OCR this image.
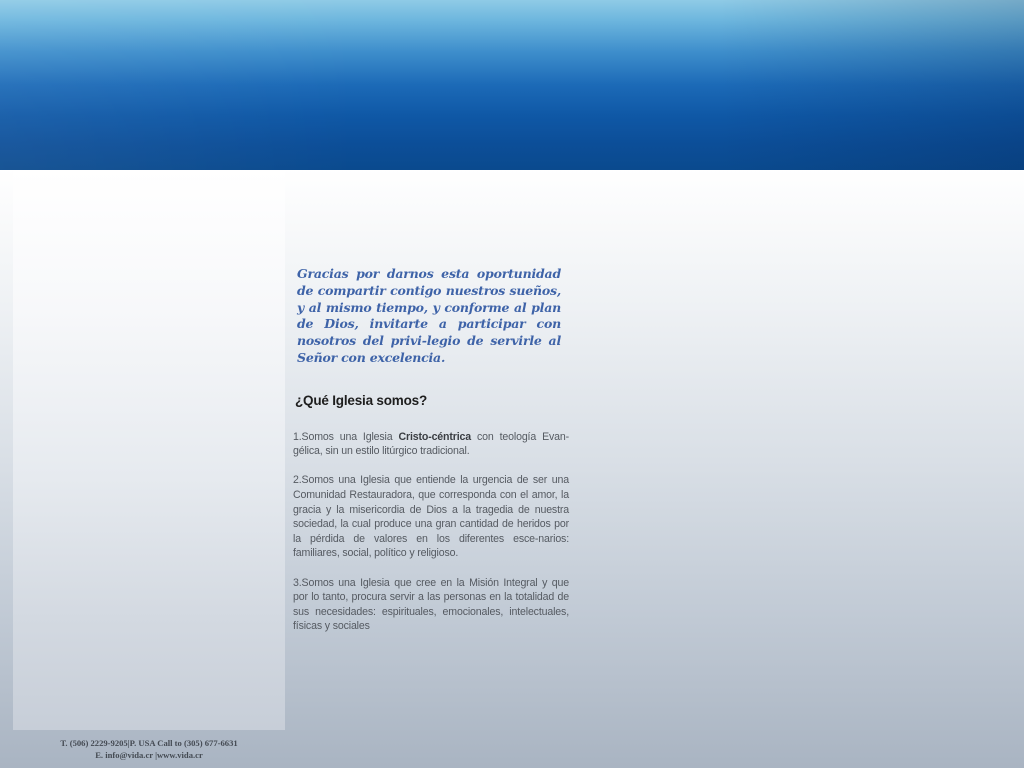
Gracias por darnos esta oportunidad de compartir contigo nuestros sueños, y al mismo tiempo, y conforme al plan de Dios, invitarte a participar con nosotros del privi-legio de servirle al Señor con excelencia.

¿Qué Iglesia somos?

1.Somos una Iglesia Cristo-céntrica con teología Evan-gélica, sin un estilo litúrgico tradicional.

2.Somos una Iglesia que entiende la urgencia de ser una Comunidad Restauradora, que corresponda con el amor, la gracia y la misericordia de Dios a la tragedia de nuestra sociedad, la cual produce una gran cantidad de heridos por la pérdida de valores en los diferentes esce-narios: familiares, social, político y religioso.

3.Somos una Iglesia que cree en la Misión Integral y que por lo tanto, procura servir a las personas en la totalidad de sus necesidades: espirituales, emocionales, intelectuales, físicas y sociales

T. (506) 2229-9205|P. USA Call to (305) 677-6631
E. info@vida.cr |www.vida.cr
